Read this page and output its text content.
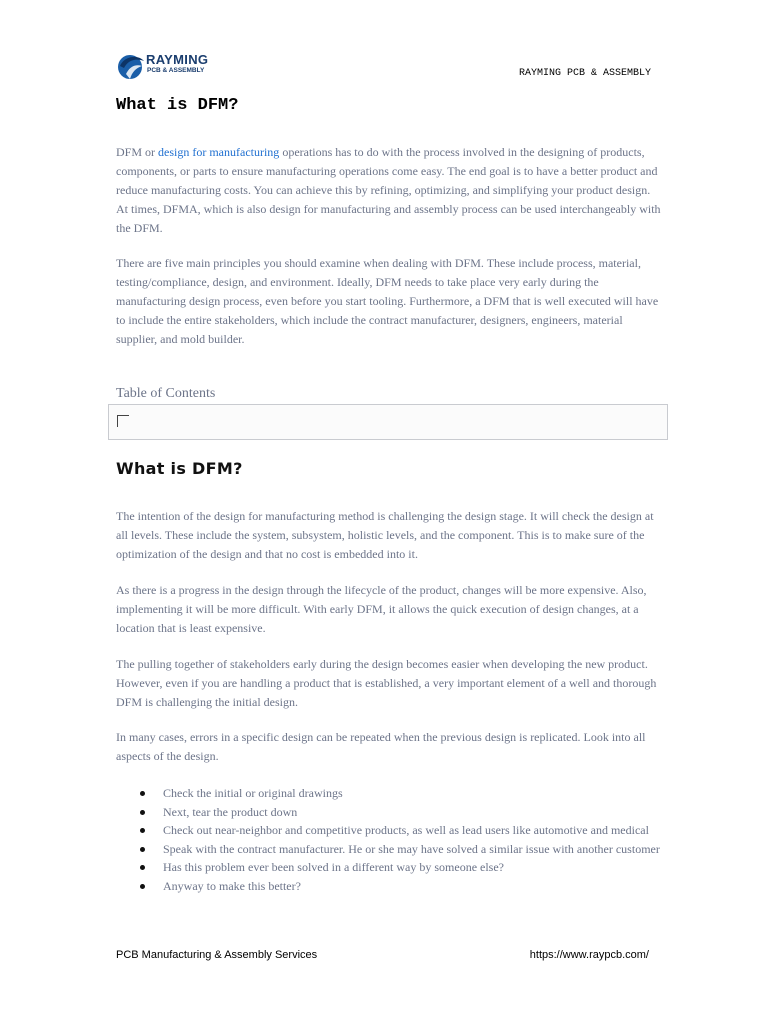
RAYMING
PCB & ASSEMBLY	RAYMING PCB & ASSEMBLY
What is DFM?

DFM or design for manufacturing operations has to do with the process involved in the designing of products, components, or parts to ensure manufacturing operations come easy. The end goal is to have a better product and reduce manufacturing costs. You can achieve this by refining, optimizing, and simplifying your product design. At times, DFMA, which is also design for manufacturing and assembly process can be used interchangeably with the DFM.

There are five main principles you should examine when dealing with DFM. These include process, material, testing/compliance, design, and environment. Ideally, DFM needs to take place very early during the manufacturing design process, even before you start tooling. Furthermore, a DFM that is well executed will have to include the entire stakeholders, which include the contract manufacturer, designers, engineers, material supplier, and mold builder.

Table of Contents
What is DFM?

The intention of the design for manufacturing method is challenging the design stage. It will check the design at all levels. These include the system, subsystem, holistic levels, and the component. This is to make sure of the optimization of the design and that no cost is embedded into it.

As there is a progress in the design through the lifecycle of the product, changes will be more expensive. Also, implementing it will be more difficult. With early DFM, it allows the quick execution of design changes, at a location that is least expensive.

The pulling together of stakeholders early during the design becomes easier when developing the new product. However, even if you are handling a product that is established, a very important element of a well and thorough DFM is challenging the initial design.

In many cases, errors in a specific design can be repeated when the previous design is replicated. Look into all aspects of the design.

Check the initial or original drawings
Next, tear the product down
Check out near-neighbor and competitive products, as well as lead users like automotive and medical
Speak with the contract manufacturer. He or she may have solved a similar issue with another customer
Has this problem ever been solved in a different way by someone else?
Anyway to make this better?
PCB Manufacturing & Assembly Services	https://www.raypcb.com/
